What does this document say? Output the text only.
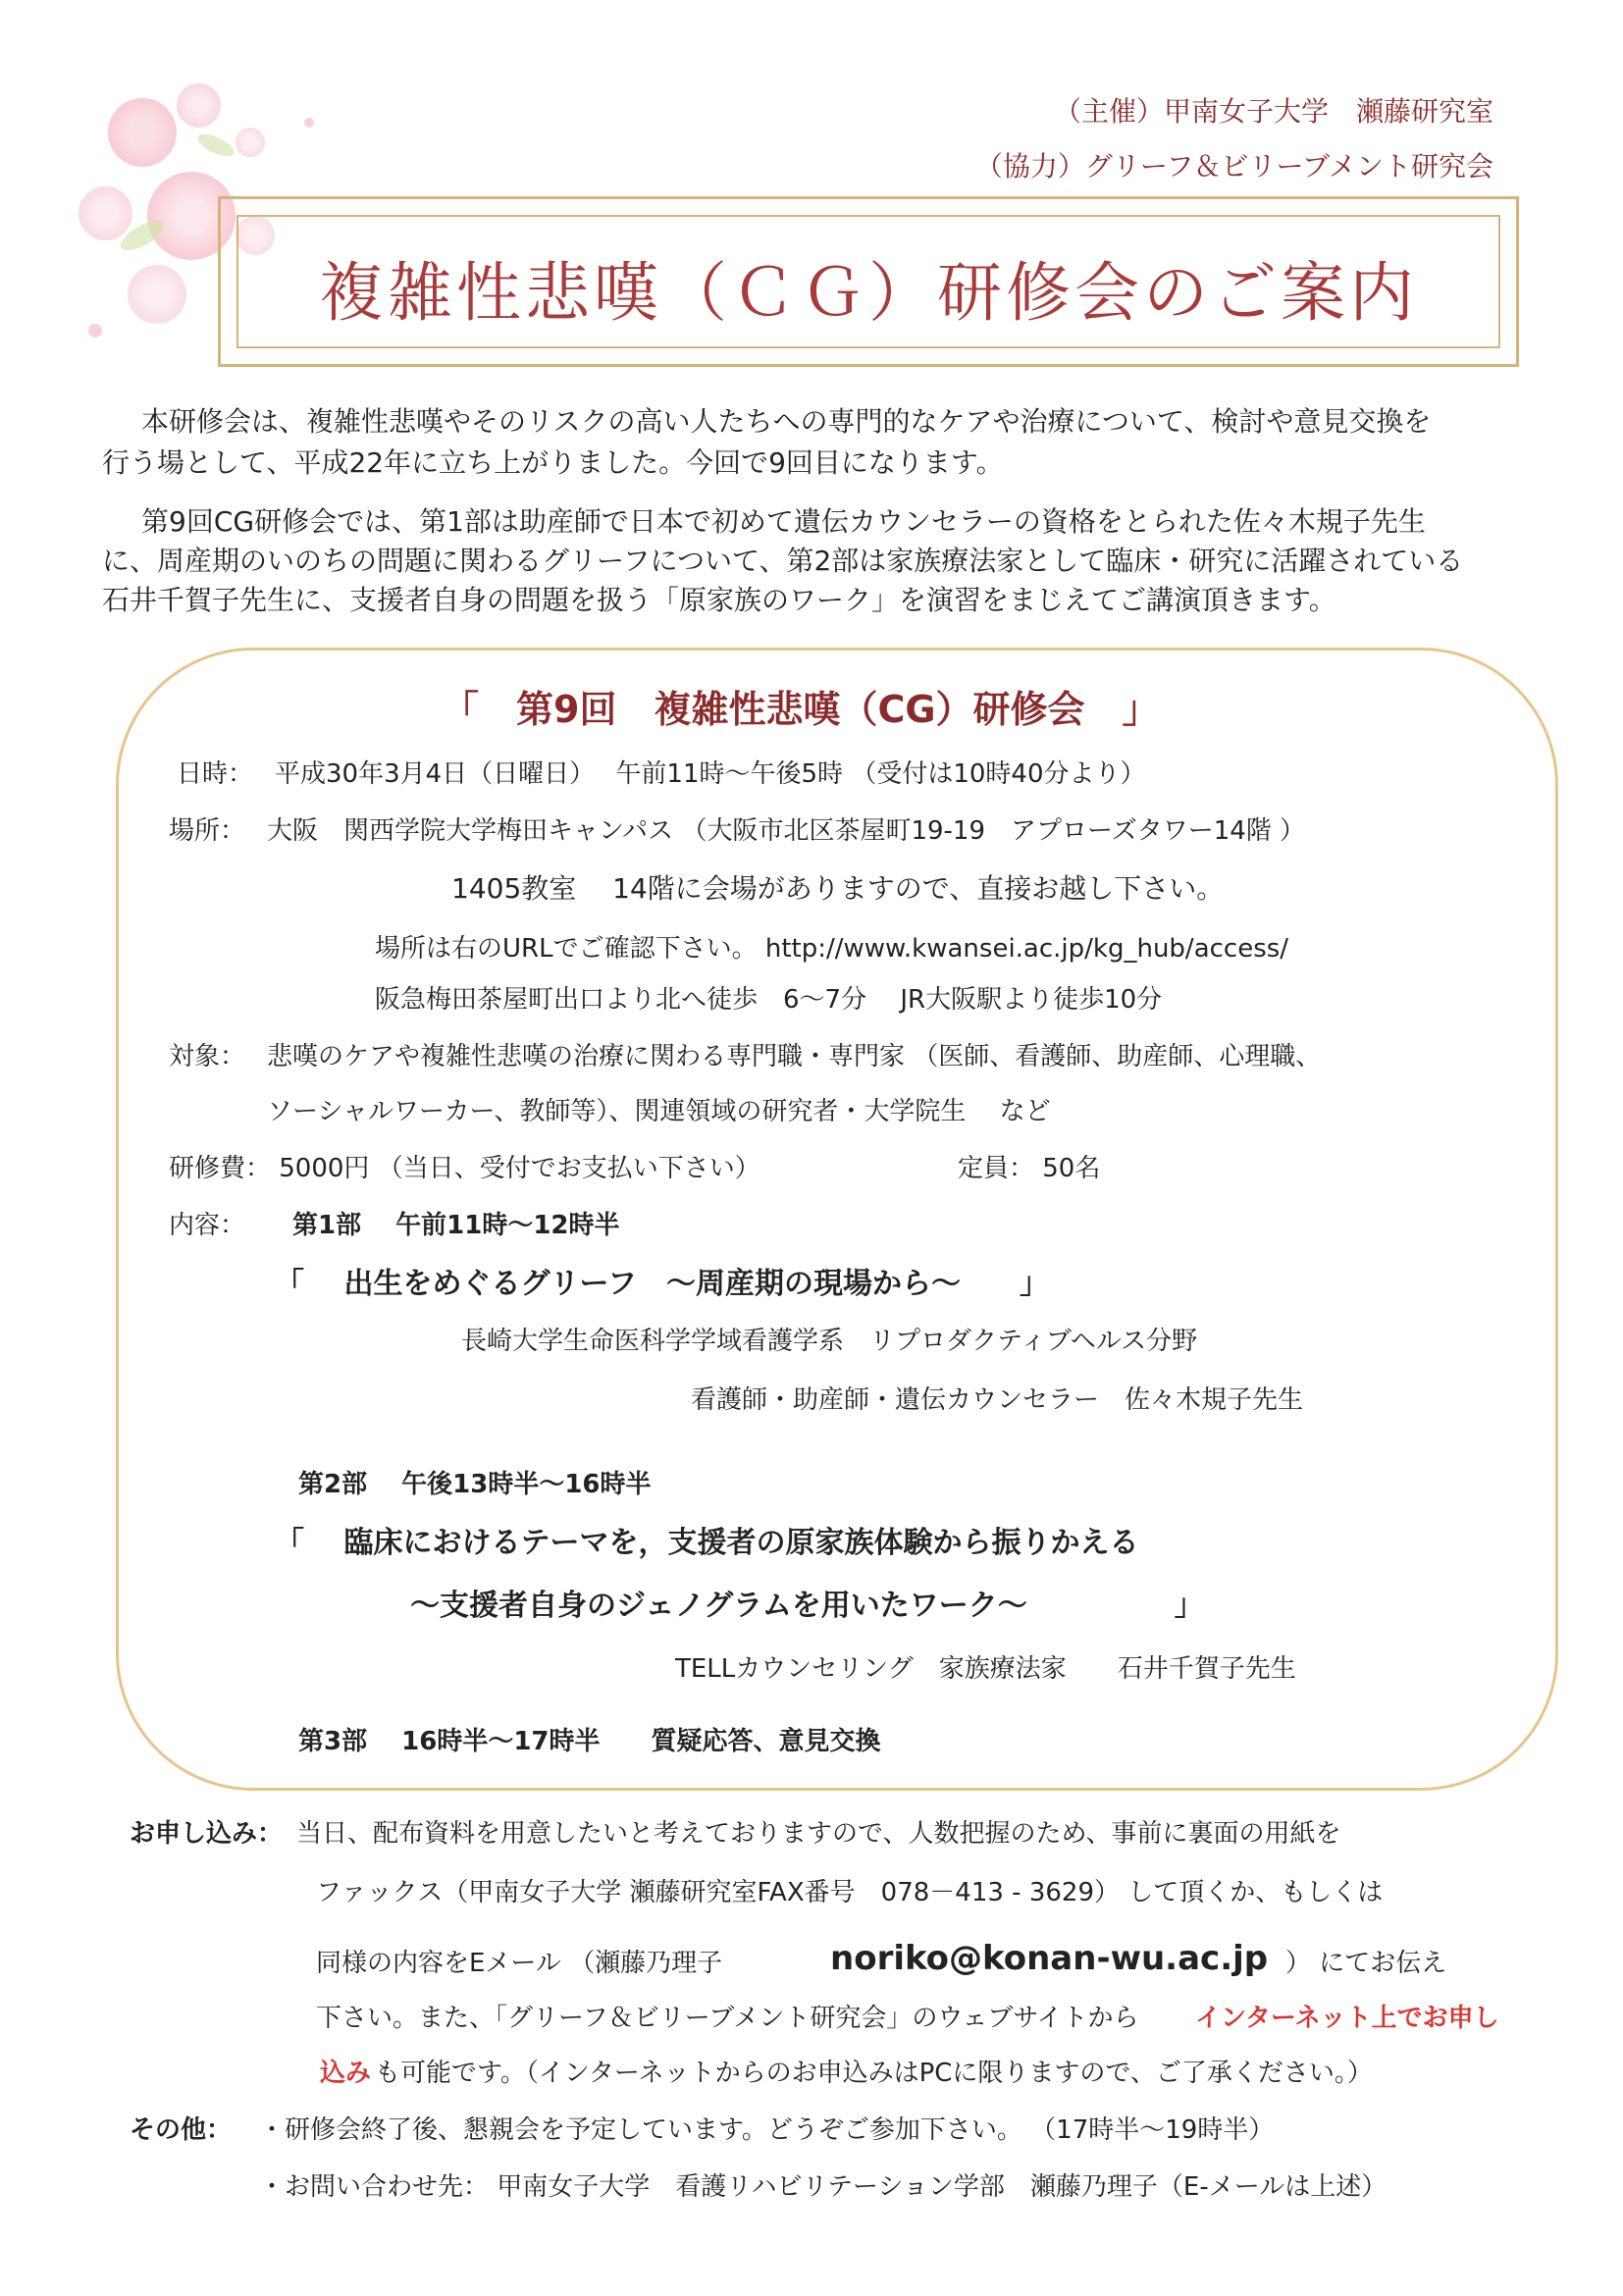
（主催）甲南女子大学　瀬藤研究室
（協力）グリーフ＆ビリーブメント研究会
複雑性悲嘆（ＣＧ）研修会のご案内
本研修会は、複雑性悲嘆やそのリスクの高い人たちへの専門的なケアや治療について、検討や意見交換を
行う場として、平成22年に立ち上がりました。今回で9回目になります。
第9回CG研修会では、第1部は助産師で日本で初めて遺伝カウンセラーの資格をとられた佐々木規子先生
に、周産期のいのちの問題に関わるグリーフについて、第2部は家族療法家として臨床・研究に活躍されている
石井千賀子先生に、支援者自身の問題を扱う「原家族のワーク」を演習をまじえてご講演頂きます。
「　第9回　複雑性悲嘆（CG）研修会　」
日時： 平成30年3月4日（日曜日）　 午前11時～午後5時 （受付は10時40分より）
場所： 大阪　関西学院大学梅田キャンパス （大阪市北区茶屋町19-19　アプローズタワー14階 ）
1405教室　 14階に会場がありますので、直接お越し下さい。
場所は右のURLでご確認下さい。 http://www.kwansei.ac.jp/kg_hub/access/
阪急梅田茶屋町出口より北へ徒歩　6～7分　 JR大阪駅より徒歩10分
対象： 悲嘆のケアや複雑性悲嘆の治療に関わる専門職・専門家 （医師、看護師、助産師、心理職、
ソーシャルワーカー、教師等）、関連領域の研究者・大学院生　 など
研修費： 5000円 （当日、受付でお支払い下さい）	定員： 50名
内容： 第1部　 午前11時～12時半
「　 出生をめぐるグリーフ　～周産期の現場から～　　」
長崎大学生命医科学学域看護学系　リプロダクティブヘルス分野
看護師・助産師・遺伝カウンセラー　佐々木規子先生
第2部　 午後13時半～16時半
「　 臨床におけるテーマを，支援者の原家族体験から振りかえる
～支援者自身のジェノグラムを用いたワーク～　　　　　」
TELLカウンセリング　家族療法家　　石井千賀子先生
第3部　 16時半～17時半　　質疑応答、意見交換
お申し込み： 当日、配布資料を用意したいと考えておりますので、人数把握のため、事前に裏面の用紙を
ファックス（甲南女子大学 瀬藤研究室FAX番号　078－413 - 3629） して頂くか、もしくは
同様の内容をEメール （瀬藤乃理子	noriko@konan-wu.ac.jp ） にてお伝え
下さい。また、「グリーフ＆ビリーブメント研究会」のウェブサイトから インターネット上でお申し
込み も可能です。（インターネットからのお申込みはPCに限りますので、ご了承ください。）
その他： ・研修会終了後、懇親会を予定しています。どうぞご参加下さい。 （17時半～19時半）
・お問い合わせ先： 甲南女子大学　看護リハビリテーション学部　瀬藤乃理子（E-メールは上述）
